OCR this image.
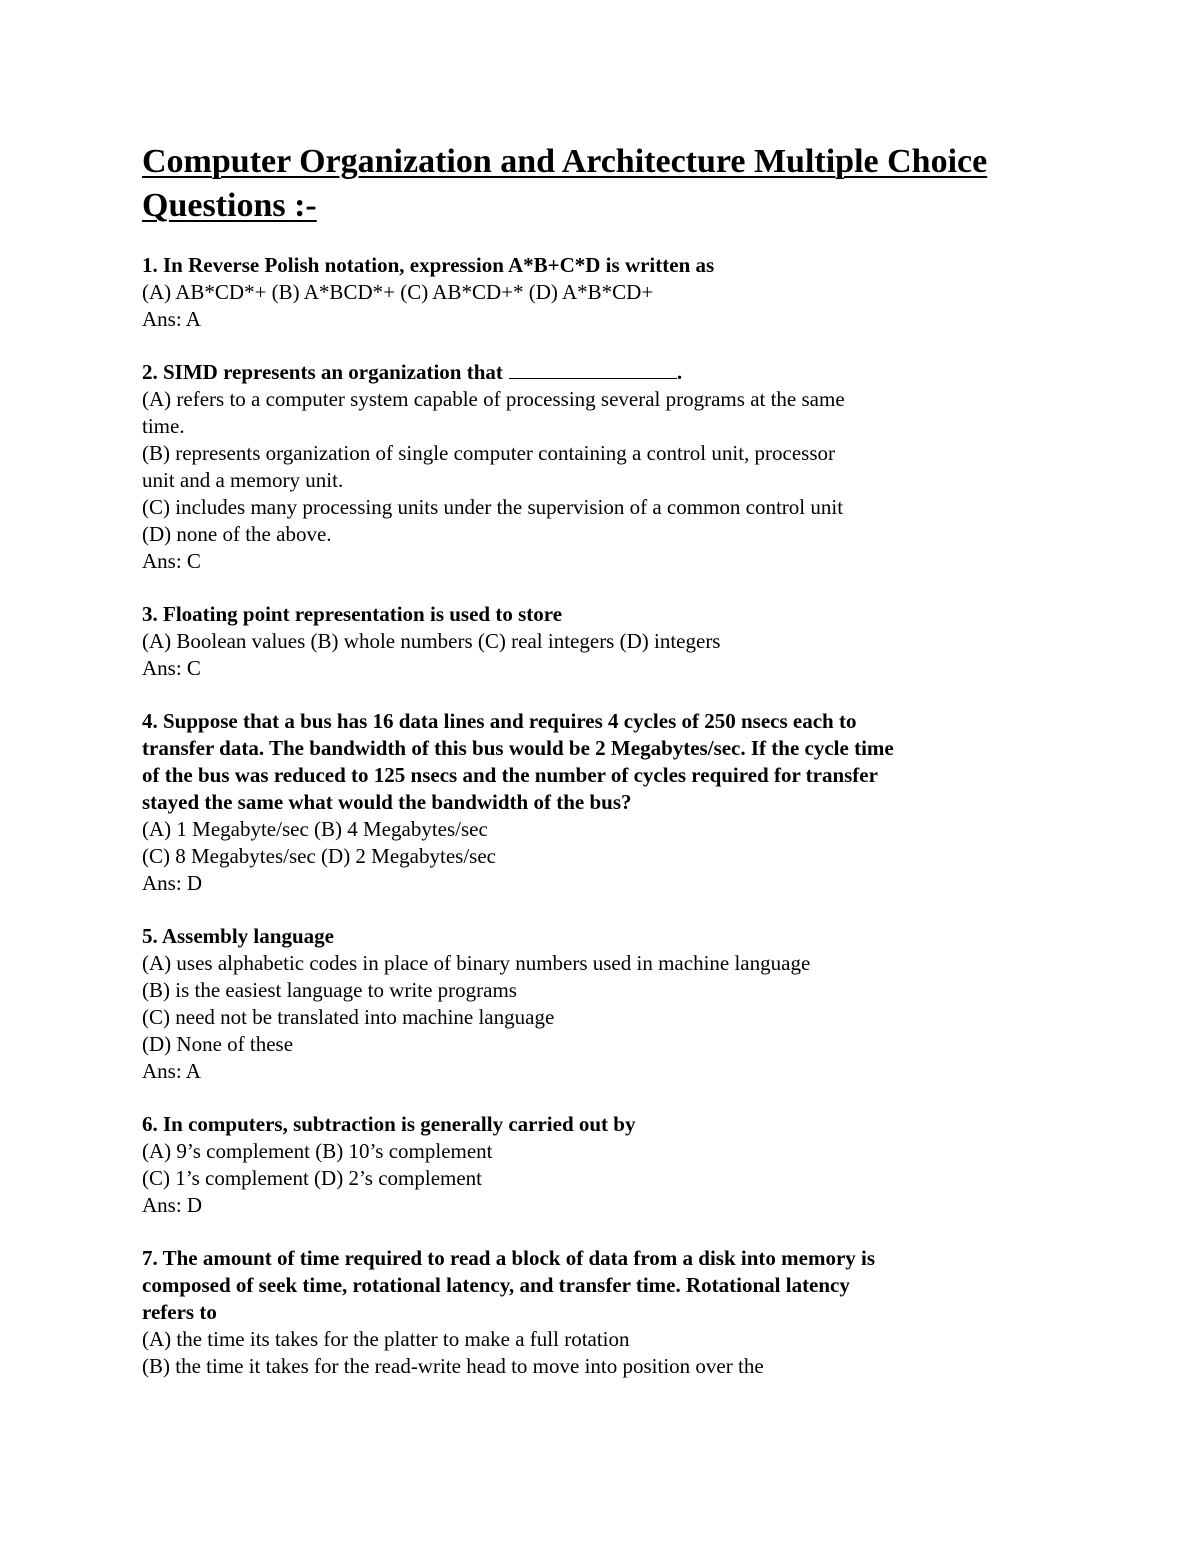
Computer Organization and Architecture Multiple Choice
Questions :-
1. In Reverse Polish notation, expression A*B+C*D is written as
(A) AB*CD*+ (B) A*BCD*+ (C) AB*CD+* (D) A*B*CD+
Ans: A
2. SIMD represents an organization that	.
(A) refers to a computer system capable of processing several programs at the same
time.
(B) represents organization of single computer containing a control unit, processor
unit and a memory unit.
(C) includes many processing units under the supervision of a common control unit
(D) none of the above.
Ans: C
3. Floating point representation is used to store
(A) Boolean values (B) whole numbers (C) real integers (D) integers
Ans: C
4. Suppose that a bus has 16 data lines and requires 4 cycles of 250 nsecs each to
transfer data. The bandwidth of this bus would be 2 Megabytes/sec. If the cycle time
of the bus was reduced to 125 nsecs and the number of cycles required for transfer
stayed the same what would the bandwidth of the bus?
(A) 1 Megabyte/sec (B) 4 Megabytes/sec
(C) 8 Megabytes/sec (D) 2 Megabytes/sec
Ans: D
5. Assembly language
(A) uses alphabetic codes in place of binary numbers used in machine language
(B) is the easiest language to write programs
(C) need not be translated into machine language
(D) None of these
Ans: A
6. In computers, subtraction is generally carried out by
(A) 9’s complement (B) 10’s complement
(C) 1’s complement (D) 2’s complement
Ans: D
7. The amount of time required to read a block of data from a disk into memory is
composed of seek time, rotational latency, and transfer time. Rotational latency
refers to
(A) the time its takes for the platter to make a full rotation
(B) the time it takes for the read-write head to move into position over the
